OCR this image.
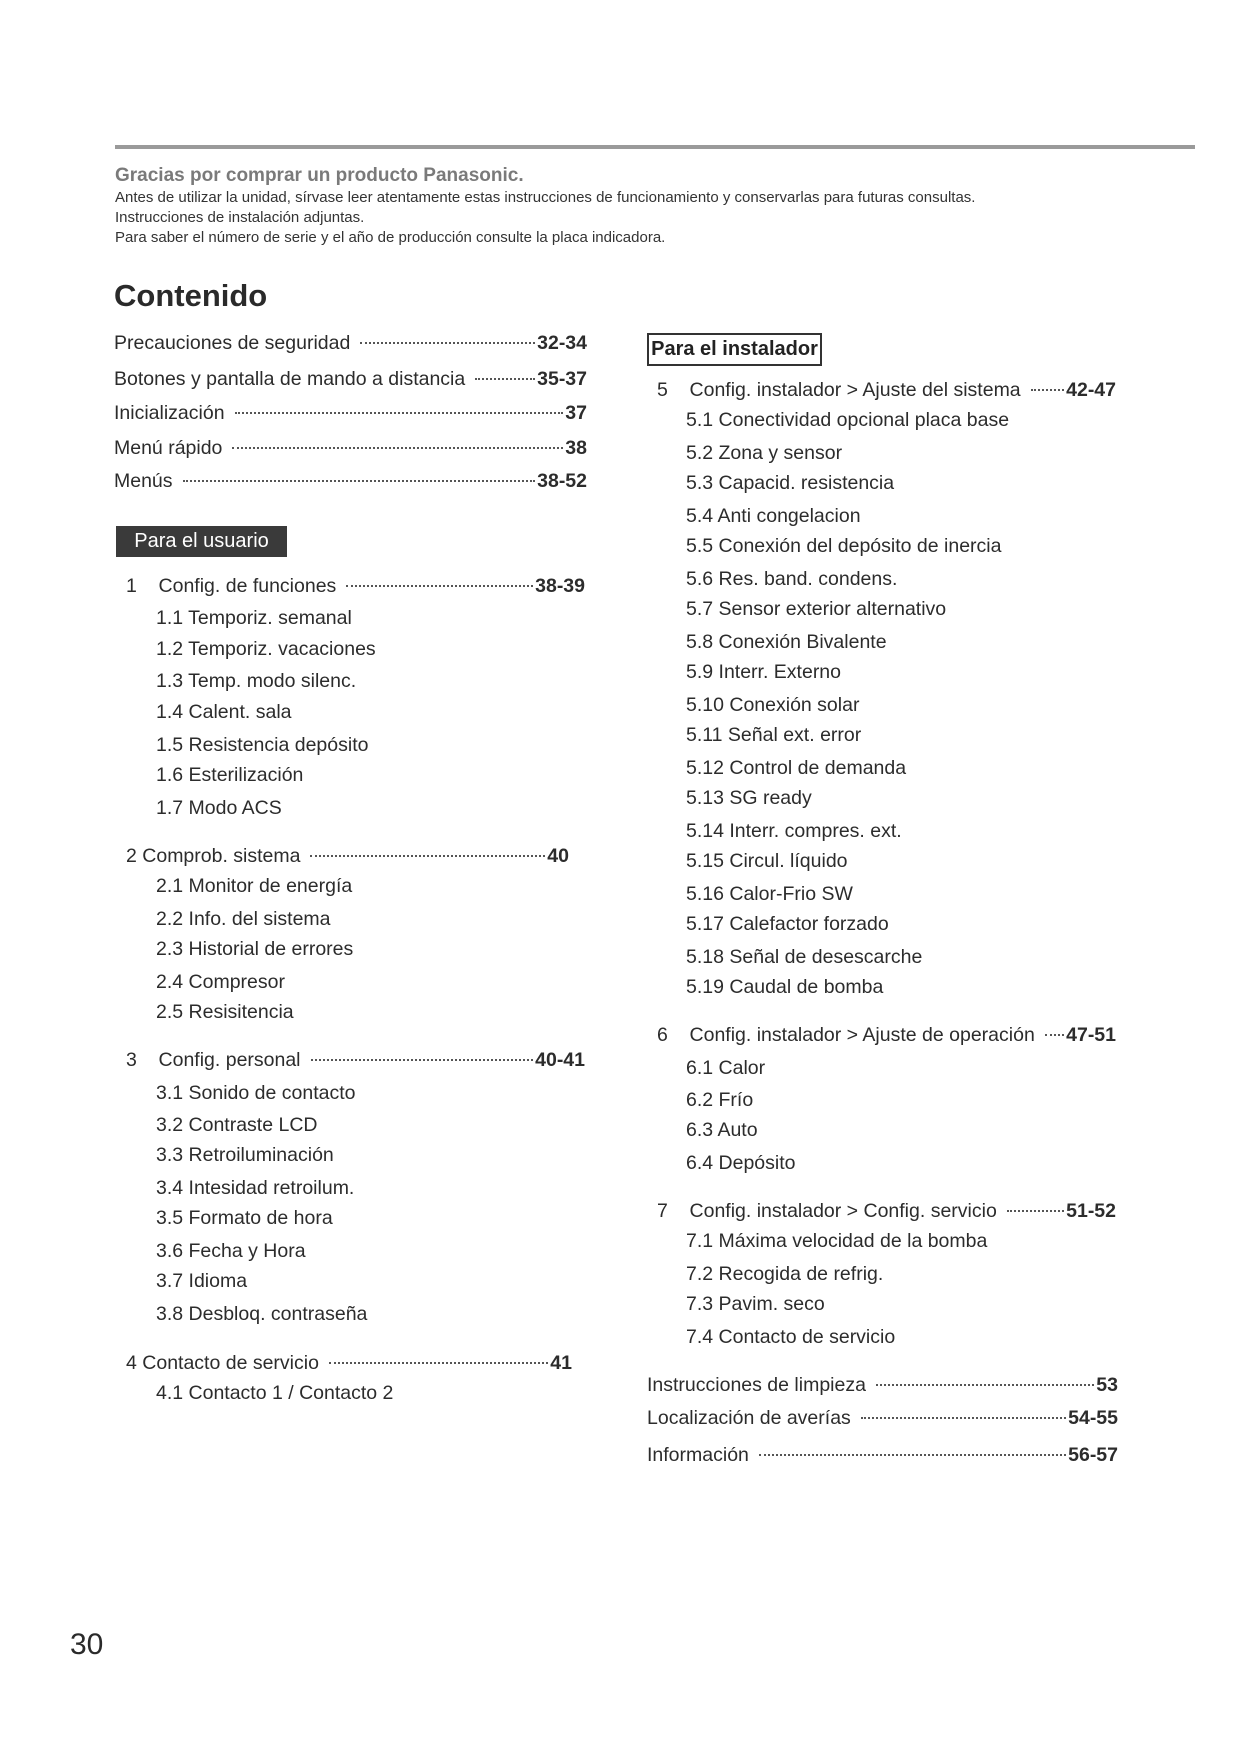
Gracias por comprar un producto Panasonic.
Antes de utilizar la unidad, sírvase leer atentamente estas instrucciones de funcionamiento y conservarlas para futuras consultas.
Instrucciones de instalación adjuntas.
Para saber el número de serie y el año de producción consulte la placa indicadora.
Contenido
Precauciones de seguridad	32-34
Botones y pantalla de mando a distancia	35-37
Inicialización	37
Menú rápido	38
Menús	38-52
Para el usuario
1    Config. de funciones	38-39
1.1 Temporiz. semanal
1.2 Temporiz. vacaciones
1.3 Temp. modo silenc.
1.4 Calent. sala
1.5 Resistencia depósito
1.6 Esterilización
1.7 Modo ACS
2 Comprob. sistema	40
2.1 Monitor de energía
2.2 Info. del sistema
2.3 Historial de errores
2.4 Compresor
2.5 Resisitencia
3    Config. personal	40-41
3.1 Sonido de contacto
3.2 Contraste LCD
3.3 Retroiluminación
3.4 Intesidad retroilum.
3.5 Formato de hora
3.6 Fecha y Hora
3.7 Idioma
3.8 Desbloq. contraseña
4 Contacto de servicio	41
4.1 Contacto 1 / Contacto 2
Para el instalador
5    Config. instalador > Ajuste del sistema 42-47
5.1 Conectividad opcional placa base
5.2 Zona y sensor
5.3 Capacid. resistencia
5.4 Anti congelacion
5.5 Conexión del depósito de inercia
5.6 Res. band. condens.
5.7 Sensor exterior alternativo
5.8 Conexión Bivalente
5.9 Interr. Externo
5.10 Conexión solar
5.11 Señal ext. error
5.12 Control de demanda
5.13 SG ready
5.14 Interr. compres. ext.
5.15 Circul. líquido
5.16 Calor-Frio SW
5.17 Calefactor forzado
5.18 Señal de desescarche
5.19 Caudal de bomba
6    Config. instalador > Ajuste de operación 47-51
6.1 Calor
6.2 Frío
6.3 Auto
6.4 Depósito
7    Config. instalador > Config. servicio	51-52
7.1 Máxima velocidad de la bomba
7.2 Recogida de refrig.
7.3 Pavim. seco
7.4 Contacto de servicio
Instrucciones de limpieza	53
Localización de averías	54-55
Información	56-57
30
